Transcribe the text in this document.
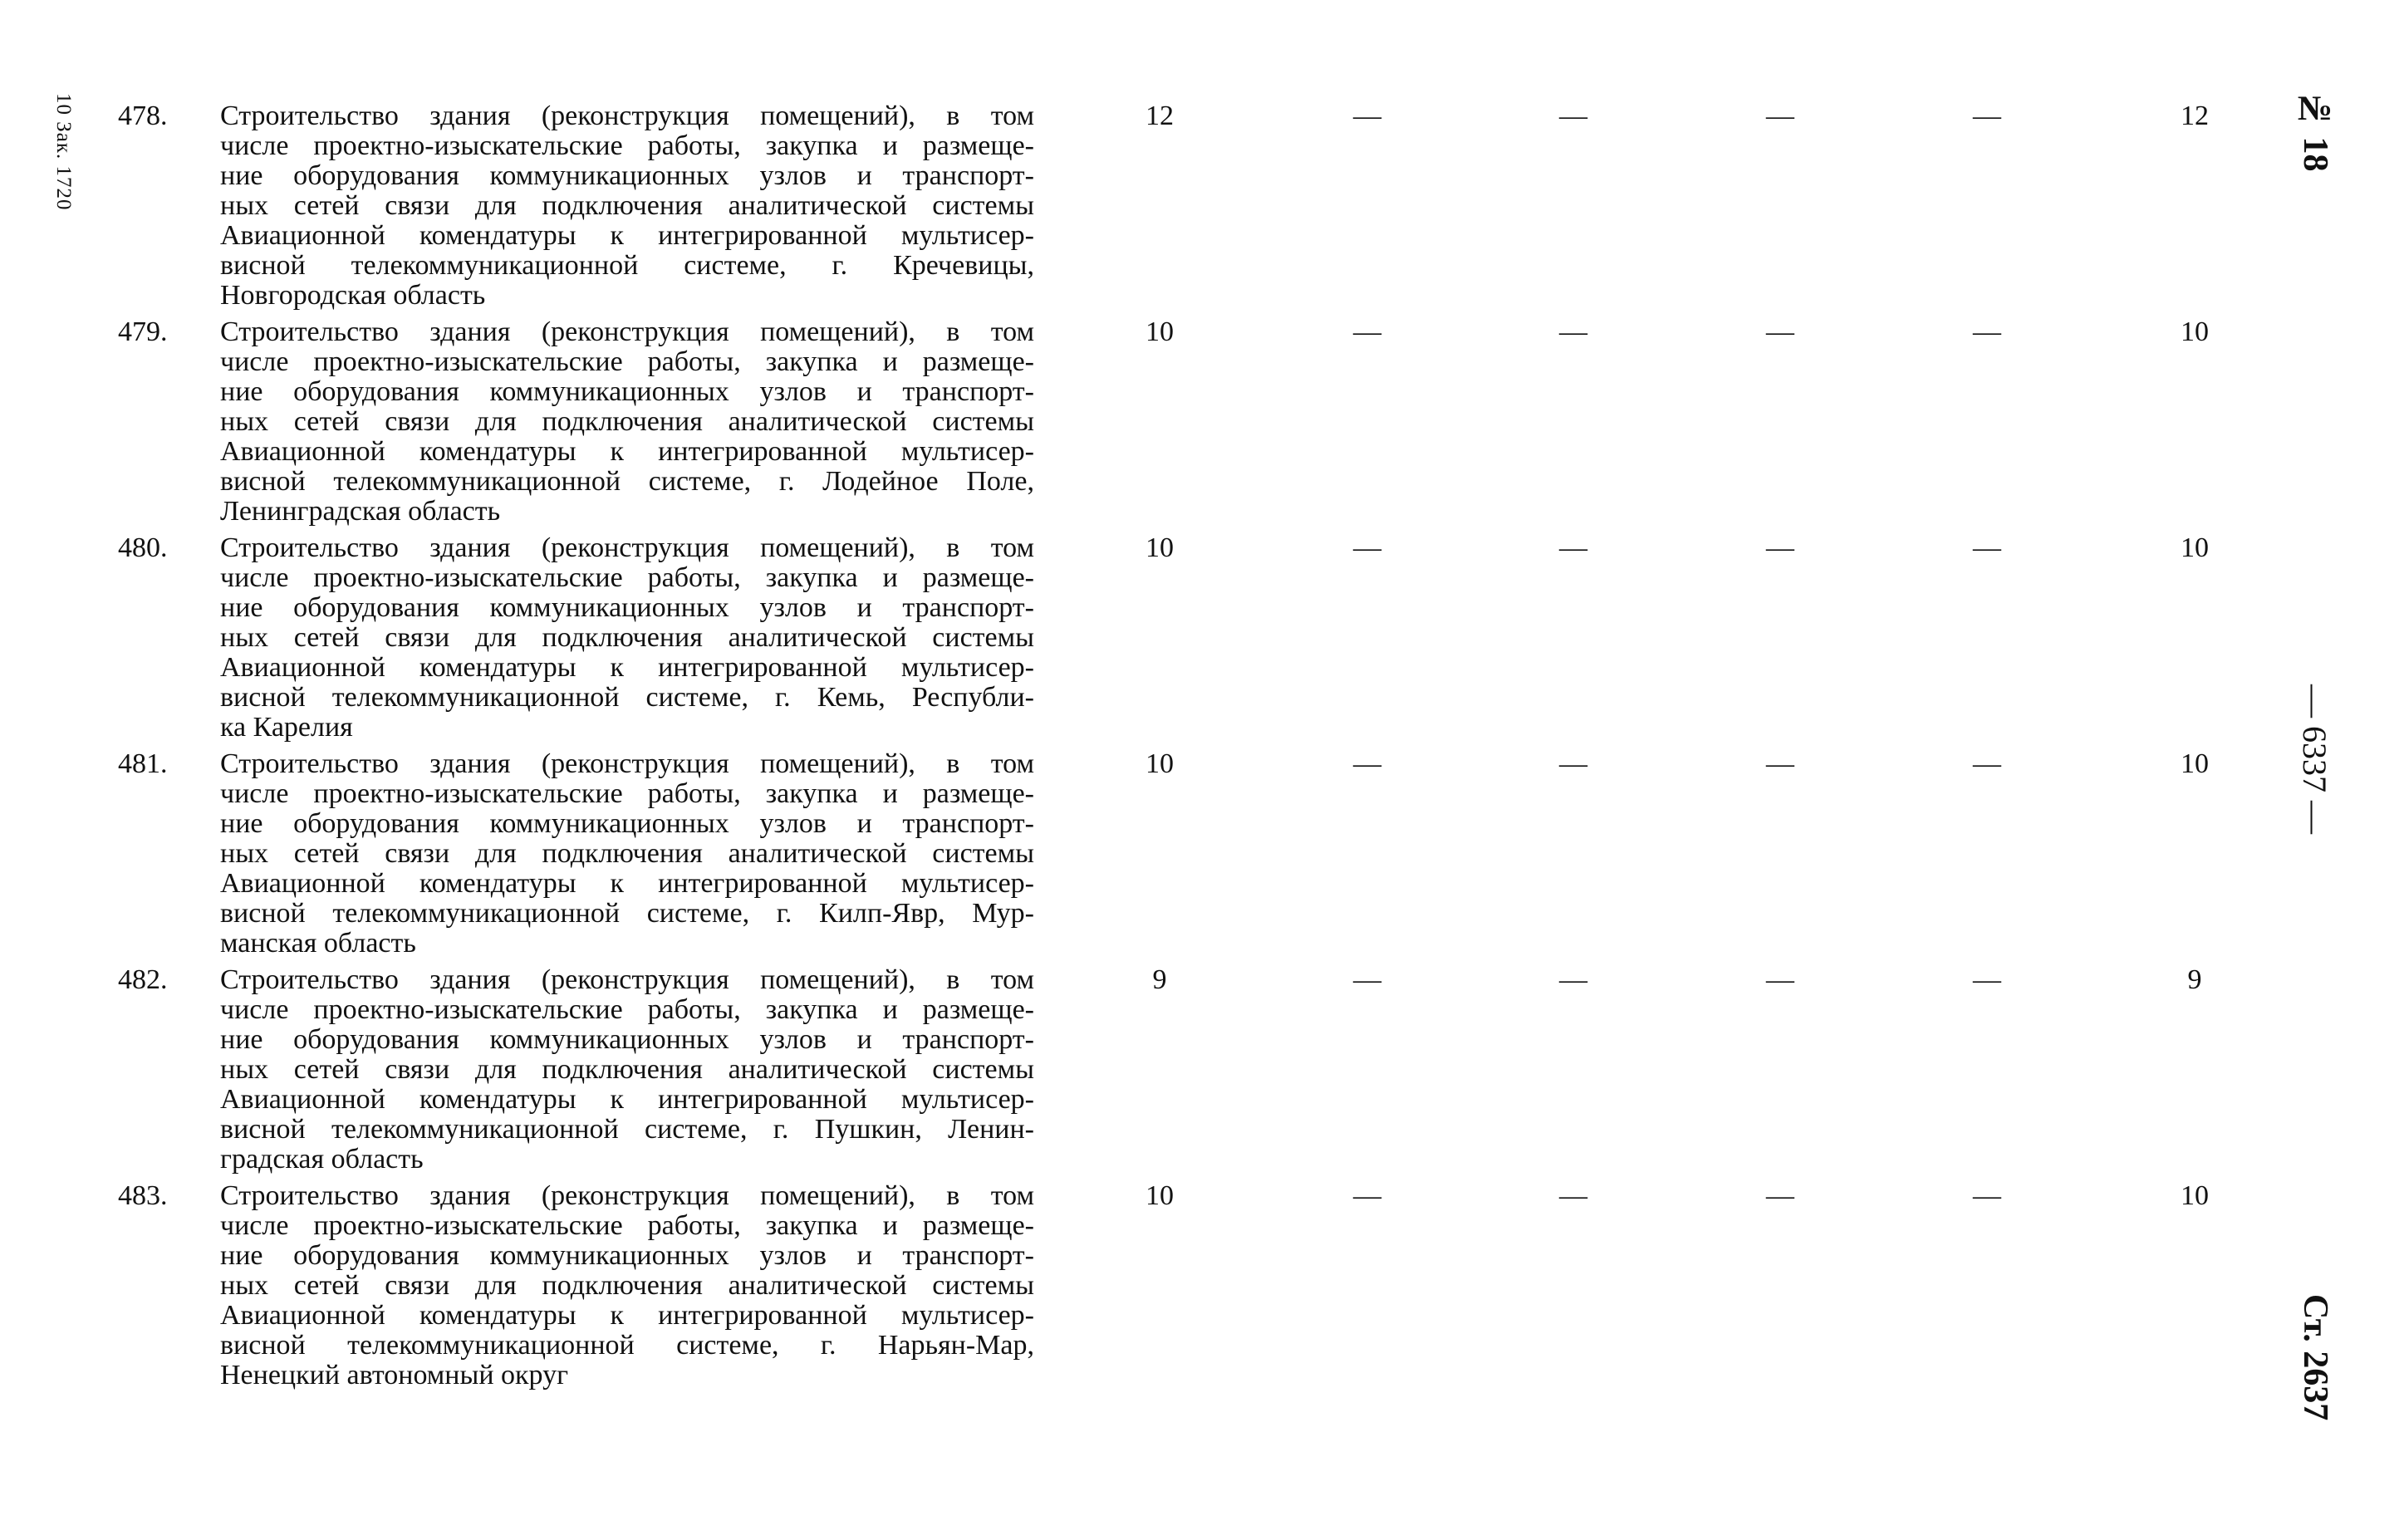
10 Зак. 1720	№ 18
— 6337 —
Ст. 2637
478. Строительство здания (реконструкция помещений), в том
числе проектно-изыскательские работы, закупка и размеще-
ние оборудования коммуникационных узлов и транспорт-
ных сетей связи для подключения аналитической системы
Авиационной комендатуры к интегрированной мультисер-
висной телекоммуникационной системе, г. Кречевицы,
Новгородская область
12	—	—	—	—	12
479. Строительство здания (реконструкция помещений), в том
числе проектно-изыскательские работы, закупка и размеще-
ние оборудования коммуникационных узлов и транспорт-
ных сетей связи для подключения аналитической системы
Авиационной комендатуры к интегрированной мультисер-
висной телекоммуникационной системе, г. Лодейное Поле,
Ленинградская область
10	—	—	—	—	10
480. Строительство здания (реконструкция помещений), в том
числе проектно-изыскательские работы, закупка и размеще-
ние оборудования коммуникационных узлов и транспорт-
ных сетей связи для подключения аналитической системы
Авиационной комендатуры к интегрированной мультисер-
висной телекоммуникационной системе, г. Кемь, Республи-
ка Карелия
10	—	—	—	—	10
481. Строительство здания (реконструкция помещений), в том
числе проектно-изыскательские работы, закупка и размеще-
ние оборудования коммуникационных узлов и транспорт-
ных сетей связи для подключения аналитической системы
Авиационной комендатуры к интегрированной мультисер-
висной телекоммуникационной системе, г. Килп-Явр, Мур-
манская область
10	—	—	—	—	10
482. Строительство здания (реконструкция помещений), в том
числе проектно-изыскательские работы, закупка и размеще-
ние оборудования коммуникационных узлов и транспорт-
ных сетей связи для подключения аналитической системы
Авиационной комендатуры к интегрированной мультисер-
висной телекоммуникационной системе, г. Пушкин, Ленин-
градская область
9	—	—	—	—	9
483. Строительство здания (реконструкция помещений), в том
числе проектно-изыскательские работы, закупка и размеще-
ние оборудования коммуникационных узлов и транспорт-
ных сетей связи для подключения аналитической системы
Авиационной комендатуры к интегрированной мультисер-
висной телекоммуникационной системе, г. Нарьян-Мар,
Ненецкий автономный округ
10	—	—	—	—	10
